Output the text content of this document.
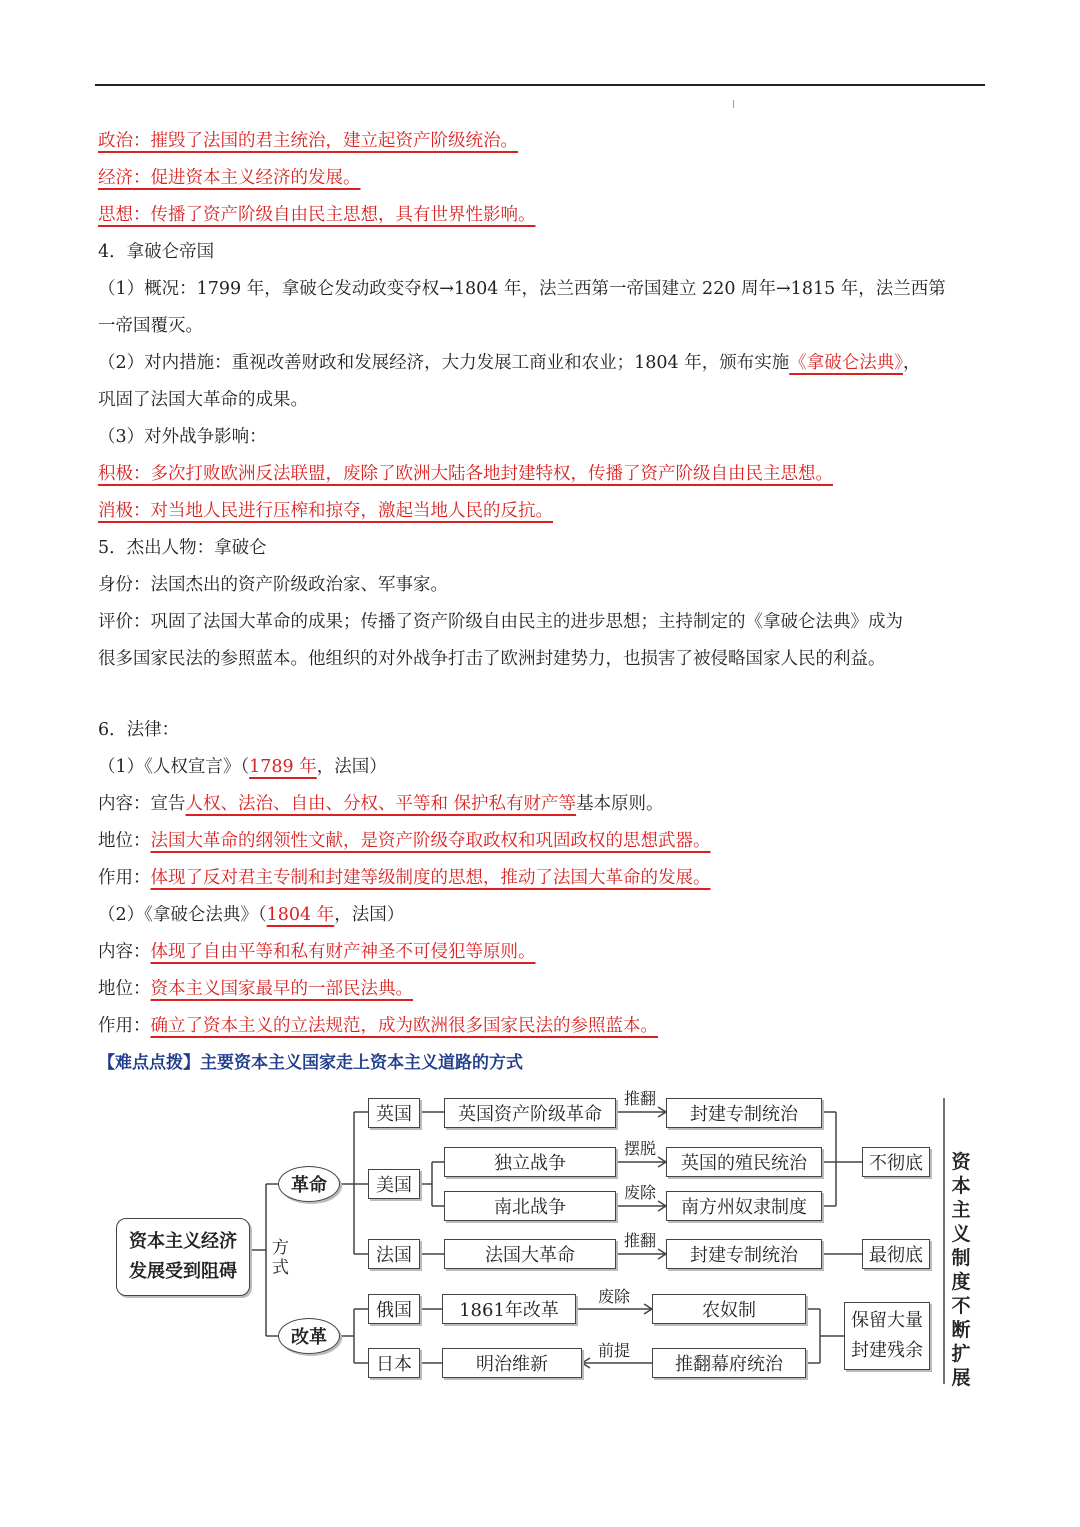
政治：摧毁了法国的君主统治，建立起资产阶级统治。
经济：促进资本主义经济的发展。
思想：传播了资产阶级自由民主思想，具有世界性影响。
4．拿破仑帝国
（1）概况：1799 年，拿破仑发动政变夺权→1804 年，法兰西第一帝国建立 220 周年→1815 年，法兰西第
一帝国覆灭。
（2）对内措施：重视改善财政和发展经济，大力发展工商业和农业；1804 年，颁布实施《拿破仑法典》，
巩固了法国大革命的成果。
（3）对外战争影响：
积极：多次打败欧洲反法联盟，废除了欧洲大陆各地封建特权，传播了资产阶级自由民主思想。
消极：对当地人民进行压榨和掠夺，激起当地人民的反抗。
5．杰出人物：拿破仑
身份：法国杰出的资产阶级政治家、军事家。
评价：巩固了法国大革命的成果；传播了资产阶级自由民主的进步思想；主持制定的《拿破仑法典》成为
很多国家民法的参照蓝本。他组织的对外战争打击了欧洲封建势力，也损害了被侵略国家人民的利益。
6．法律：
（1）《人权宣言》（1789 年，法国）
内容：宣告人权、法治、自由、分权、平等和 保护私有财产等基本原则。
地位：法国大革命的纲领性文献，是资产阶级夺取政权和巩固政权的思想武器。
作用：体现了反对君主专制和封建等级制度的思想，推动了法国大革命的发展。
（2）《拿破仑法典》（1804 年，法国）
内容：体现了自由平等和私有财产神圣不可侵犯等原则。
地位：资本主义国家最早的一部民法典。
作用：确立了资本主义的立法规范，成为欧洲很多国家民法的参照蓝本。
【难点点拨】主要资本主义国家走上资本主义道路的方式
资本主义经济
发展受到阻碍
方式
革命
改革
英国
美国
法国
俄国
日本
英国资产阶级革命
独立战争
南北战争
法国大革命
1861年改革
明治维新
推翻
摆脱
废除
推翻
废除
前提
封建专制统治
英国的殖民统治
南方州奴隶制度
封建专制统治
农奴制
推翻幕府统治
不彻底
最彻底
保留大量
封建残余
资
本
主
义
制
度
不
断
扩
展
